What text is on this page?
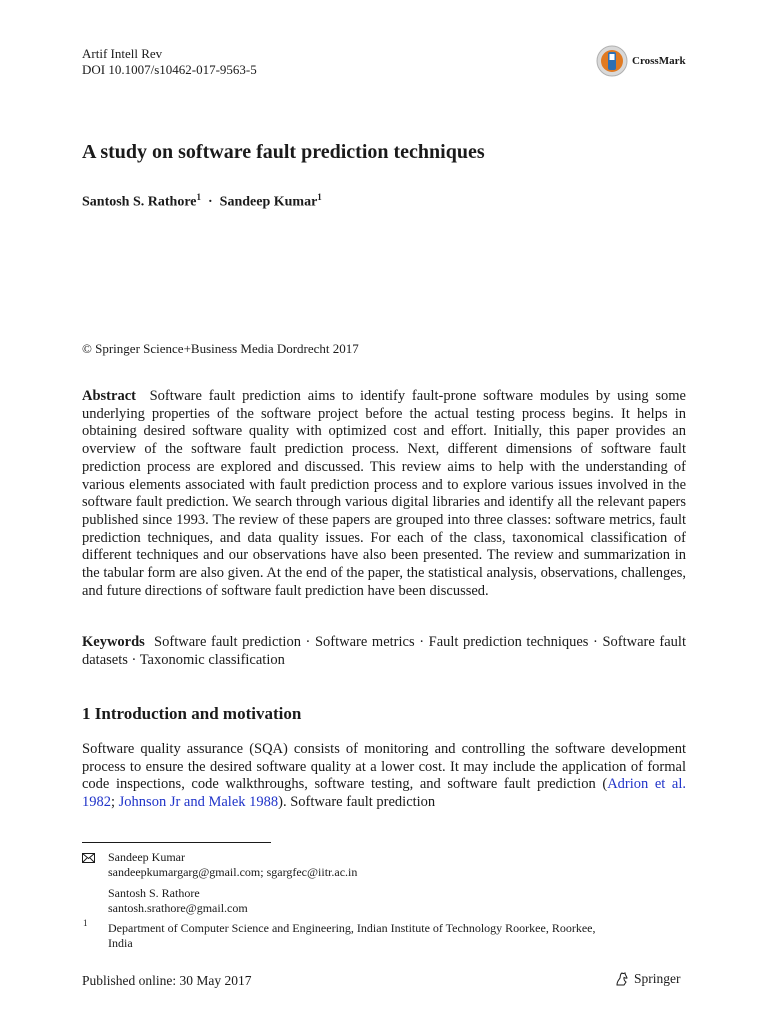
Artif Intell Rev
DOI 10.1007/s10462-017-9563-5
CrossMark
A study on software fault prediction techniques
Santosh S. Rathore$^1$ · Sandeep Kumar$^1$
© Springer Science+Business Media Dordrecht 2017
Abstract Software fault prediction aims to identify fault-prone software modules by using some underlying properties of the software project before the actual testing process begins. It helps in obtaining desired software quality with optimized cost and effort. Initially, this paper provides an overview of the software fault prediction process. Next, different dimensions of software fault prediction process are explored and discussed. This review aims to help with the understanding of various elements associated with fault prediction process and to explore various issues involved in the software fault prediction. We search through various digital libraries and identify all the relevant papers published since 1993. The review of these papers are grouped into three classes: software metrics, fault prediction techniques, and data quality issues. For each of the class, taxonomical classification of different techniques and our observations have also been presented. The review and summarization in the tabular form are also given. At the end of the paper, the statistical analysis, observations, challenges, and future directions of software fault prediction have been discussed.
Keywords Software fault prediction · Software metrics · Fault prediction techniques · Software fault datasets · Taxonomic classification
1 Introduction and motivation
Software quality assurance (SQA) consists of monitoring and controlling the software development process to ensure the desired software quality at a lower cost. It may include the application of formal code inspections, code walkthroughs, software testing, and software fault prediction (Adrion et al. 1982; Johnson Jr and Malek 1988). Software fault prediction
Sandeep Kumar
sandeepkumargarg@gmail.com; sgargfec@iitr.ac.in
Santosh S. Rathore
santosh.srathore@gmail.com
1 Department of Computer Science and Engineering, Indian Institute of Technology Roorkee, Roorkee,
India
Published online: 30 May 2017	Springer
